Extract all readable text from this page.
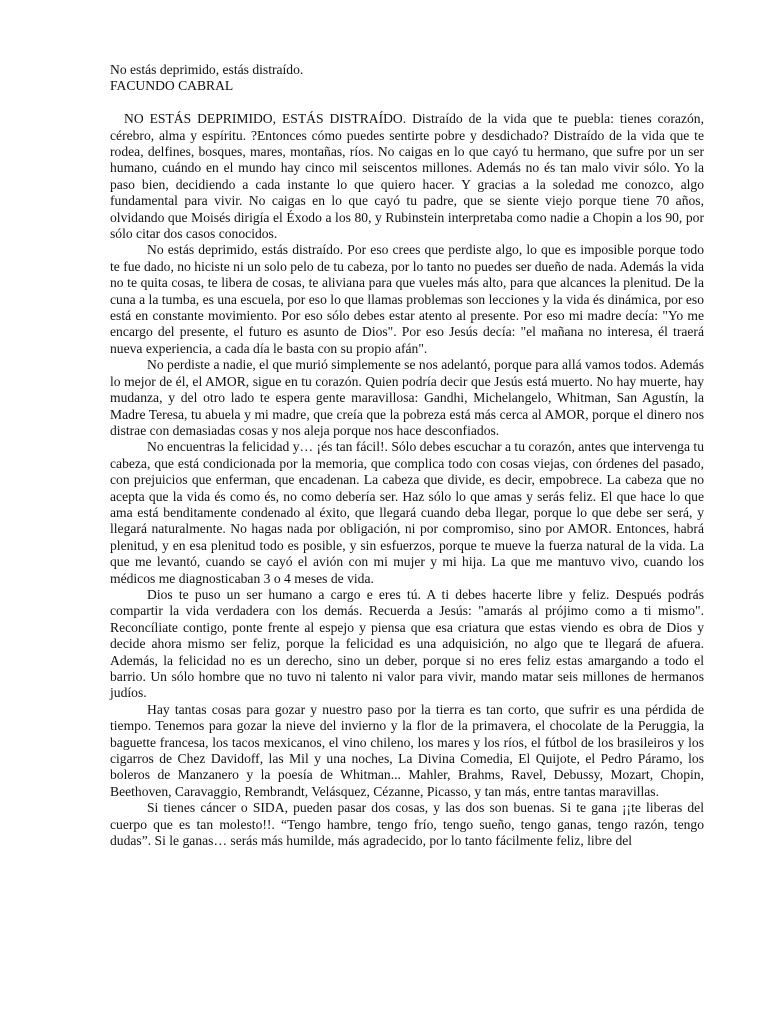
No estás deprimido, estás distraído.

FACUNDO CABRAL

NO ESTÁS DEPRIMIDO, ESTÁS DISTRAÍDO. Distraído de la vida que te puebla: tienes corazón, cérebro, alma y espíritu. ?Entonces cómo puedes sentirte pobre y desdichado? Distraído de la vida que te rodea, delfines, bosques, mares, montañas, ríos. No caigas en lo que cayó tu hermano, que sufre por un ser humano, cuándo en el mundo hay cinco mil seiscentos millones. Además no és tan malo vivir sólo. Yo la paso bien, decidiendo a cada instante lo que quiero hacer. Y gracias a la soledad me conozco, algo fundamental para vivir. No caigas en lo que cayó tu padre, que se siente viejo porque tiene 70 años, olvidando que Moisés dirigía el Éxodo a los 80, y Rubinstein interpretaba como nadie a Chopin a los 90, por sólo citar dos casos conocidos.

No estás deprimido, estás distraído. Por eso crees que perdiste algo, lo que es imposible porque todo te fue dado, no hiciste ni un solo pelo de tu cabeza, por lo tanto no puedes ser dueño de nada. Además la vida no te quita cosas, te libera de cosas, te aliviana para que vueles más alto, para que alcances la plenitud. De la cuna a la tumba, es una escuela, por eso lo que llamas problemas son lecciones y la vida és dinámica, por eso está en constante movimiento. Por eso sólo debes estar atento al presente. Por eso mi madre decía: "Yo me encargo del presente, el futuro es asunto de Dios". Por eso Jesús decía: "el mañana no interesa, él traerá nueva experiencia, a cada día le basta con su propio afán".

No perdiste a nadie, el que murió simplemente se nos adelantó, porque para allá vamos todos. Además lo mejor de él, el AMOR, sigue en tu corazón. Quien podría decir que Jesús está muerto. No hay muerte, hay mudanza, y del otro lado te espera gente maravillosa: Gandhi, Michelangelo, Whitman, San Agustín, la Madre Teresa, tu abuela y mi madre, que creía que la pobreza está más cerca al AMOR, porque el dinero nos distrae con demasiadas cosas y nos aleja porque nos hace desconfiados.

No encuentras la felicidad y… ¡és tan fácil!. Sólo debes escuchar a tu corazón, antes que intervenga tu cabeza, que está condicionada por la memoria, que complica todo con cosas viejas, con órdenes del pasado, con prejuicios que enferman, que encadenan. La cabeza que divide, es decir, empobrece. La cabeza que no acepta que la vida és como és, no como debería ser. Haz sólo lo que amas y serás feliz. El que hace lo que ama está benditamente condenado al éxito, que llegará cuando deba llegar, porque lo que debe ser será, y llegará naturalmente. No hagas nada por obligación, ni por compromiso, sino por AMOR. Entonces, habrá plenitud, y en esa plenitud todo es posible, y sin esfuerzos, porque te mueve la fuerza natural de la vida. La que me levantó, cuando se cayó el avión con mi mujer y mi hija. La que me mantuvo vivo, cuando los médicos me diagnosticaban 3 o 4 meses de vida.

Dios te puso un ser humano a cargo e eres tú. A ti debes hacerte libre y feliz. Después podrás compartir la vida verdadera con los demás. Recuerda a Jesús: "amarás al prójimo como a ti mismo". Reconcíliate contigo, ponte frente al espejo y piensa que esa criatura que estas viendo es obra de Dios y decide ahora mismo ser feliz, porque la felicidad es una adquisición, no algo que te llegará de afuera. Además, la felicidad no es un derecho, sino un deber, porque si no eres feliz estas amargando a todo el barrio. Un sólo hombre que no tuvo ni talento ni valor para vivir, mando matar seis millones de hermanos judíos.

Hay tantas cosas para gozar y nuestro paso por la tierra es tan corto, que sufrir es una pérdida de tiempo. Tenemos para gozar la nieve del invierno y la flor de la primavera, el chocolate de la Peruggia, la baguette francesa, los tacos mexicanos, el vino chileno, los mares y los ríos, el fútbol de los brasileiros y los cigarros de Chez Davidoff, las Mil y una noches, La Divina Comedia, El Quijote, el Pedro Páramo, los boleros de Manzanero y la poesía de Whitman... Mahler, Brahms, Ravel, Debussy, Mozart, Chopin, Beethoven, Caravaggio, Rembrandt, Velásquez, Cézanne, Picasso, y tan más, entre tantas maravillas.

Si tienes cáncer o SIDA, pueden pasar dos cosas, y las dos son buenas. Si te gana ¡¡te liberas del cuerpo que es tan molesto!!. “Tengo hambre, tengo frío, tengo sueño, tengo ganas, tengo razón, tengo dudas”. Si le ganas… serás más humilde, más agradecido, por lo tanto fácilmente feliz, libre del
